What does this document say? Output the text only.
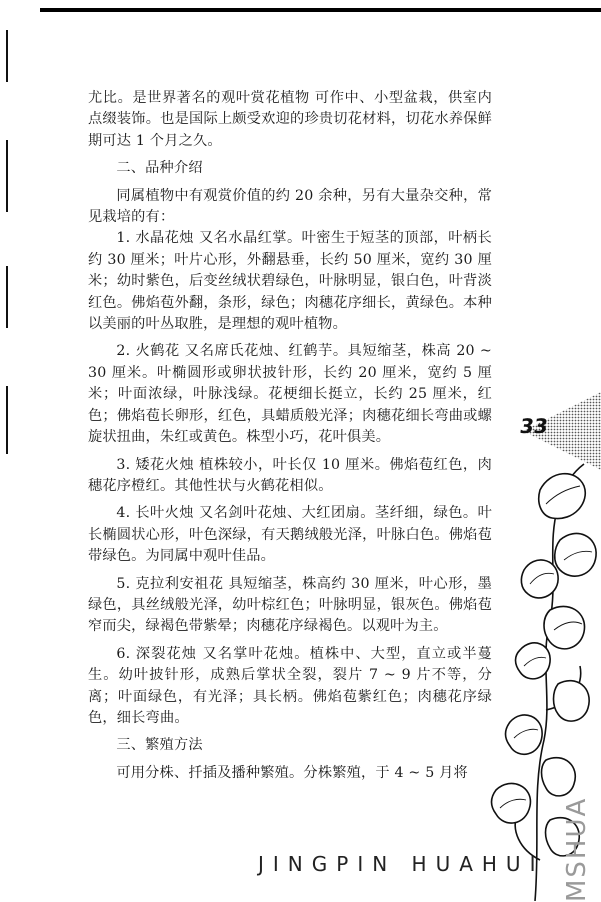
尤比。是世界著名的观叶赏花植物 可作中、小型盆栽，供室内点缀装饰。也是国际上颇受欢迎的珍贵切花材料，切花水养保鲜期可达 1 个月之久。

二、品种介绍

同属植物中有观赏价值的约 20 余种，另有大量杂交种，常见栽培的有：

1. 水晶花烛 又名水晶红掌。叶密生于短茎的顶部，叶柄长约 30 厘米；叶片心形，外翻悬垂，长约 50 厘米，宽约 30 厘米；幼时紫色，后变丝绒状碧绿色，叶脉明显，银白色，叶背淡红色。佛焰苞外翻，条形，绿色；肉穗花序细长，黄绿色。本种以美丽的叶丛取胜，是理想的观叶植物。

2. 火鹤花 又名席氏花烛、红鹤芋。具短缩茎，株高 20 ~ 30 厘米。叶椭圆形或卵状披针形，长约 20 厘米，宽约 5 厘米；叶面浓绿，叶脉浅绿。花梗细长挺立，长约 25 厘米，红色；佛焰苞长卵形，红色，具蜡质般光泽；肉穗花细长弯曲或螺旋状扭曲，朱红或黄色。株型小巧，花叶俱美。

3. 矮花火烛 植株较小，叶长仅 10 厘米。佛焰苞红色，肉穗花序橙红。其他性状与火鹤花相似。

4. 长叶火烛 又名剑叶花烛、大红团扇。茎纤细，绿色。叶长椭圆状心形，叶色深绿，有天鹅绒般光泽，叶脉白色。佛焰苞带绿色。为同属中观叶佳品。

5. 克拉利安祖花 具短缩茎，株高约 30 厘米，叶心形，墨绿色，具丝绒般光泽，幼叶棕红色；叶脉明显，银灰色。佛焰苞窄而尖，绿褐色带紫晕；肉穗花序绿褐色。以观叶为主。

6. 深裂花烛 又名掌叶花烛。植株中、大型，直立或半蔓生。幼叶披针形，成熟后掌状全裂，裂片 7 ~ 9 片不等，分离；叶面绿色，有光泽；具长柄。佛焰苞紫红色；肉穗花序绿色，细长弯曲。

三、繁殖方法

可用分株、扦插及播种繁殖。分株繁殖，于 4 ~ 5 月将

33
JINGPIN HUAHUI MSHUA
